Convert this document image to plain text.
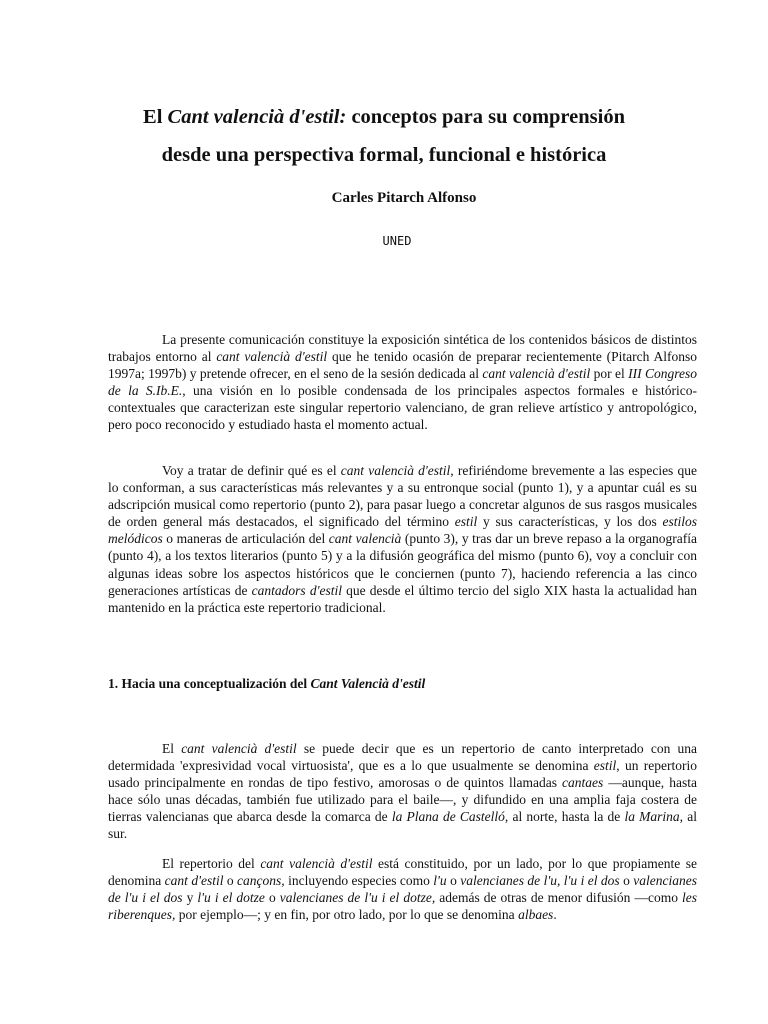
El Cant valencià d'estil: conceptos para su comprensión
desde una perspectiva formal, funcional e histórica
Carles Pitarch Alfonso
UNED

La presente comunicación constituye la exposición sintética de los contenidos básicos de distintos trabajos entorno al cant valencià d'estil que he tenido ocasión de preparar recientemente (Pitarch Alfonso 1997a; 1997b) y pretende ofrecer, en el seno de la sesión dedicada al cant valencià d'estil por el III Congreso de la S.Ib.E., una visión en lo posible condensada de los principales aspectos formales e histórico-contextuales que caracterizan este singular repertorio valenciano, de gran relieve artístico y antropológico, pero poco reconocido y estudiado hasta el momento actual.

Voy a tratar de definir qué es el cant valencià d'estil, refiriéndome brevemente a las especies que lo conforman, a sus características más relevantes y a su entronque social (punto 1), y a apuntar cuál es su adscripción musical como repertorio (punto 2), para pasar luego a concretar algunos de sus rasgos musicales de orden general más destacados, el significado del término estil y sus características, y los dos estilos melódicos o maneras de articulación del cant valencià (punto 3), y tras dar un breve repaso a la organografía (punto 4), a los textos literarios (punto 5) y a la difusión geográfica del mismo (punto 6), voy a concluir con algunas ideas sobre los aspectos históricos que le conciernen (punto 7), haciendo referencia a las cinco generaciones artísticas de cantadors d'estil que desde el último tercio del siglo XIX hasta la actualidad han mantenido en la práctica este repertorio tradicional.

1. Hacia una conceptualización del Cant Valencià d'estil

El cant valencià d'estil se puede decir que es un repertorio de canto interpretado con una determidada 'expresividad vocal virtuosista', que es a lo que usualmente se denomina estil, un repertorio usado principalmente en rondas de tipo festivo, amorosas o de quintos llamadas cantaes —aunque, hasta hace sólo unas décadas, también fue utilizado para el baile—, y difundido en una amplia faja costera de tierras valencianas que abarca desde la comarca de la Plana de Castelló, al norte, hasta la de la Marina, al sur.

El repertorio del cant valencià d'estil está constituido, por un lado, por lo que propiamente se denomina cant d'estil o cançons, incluyendo especies como l'u o valencianes de l'u, l'u i el dos o valencianes de l'u i el dos y l'u i el dotze o valencianes de l'u i el dotze, además de otras de menor difusión —como les riberenques, por ejemplo—; y en fin, por otro lado, por lo que se denomina albaes.
